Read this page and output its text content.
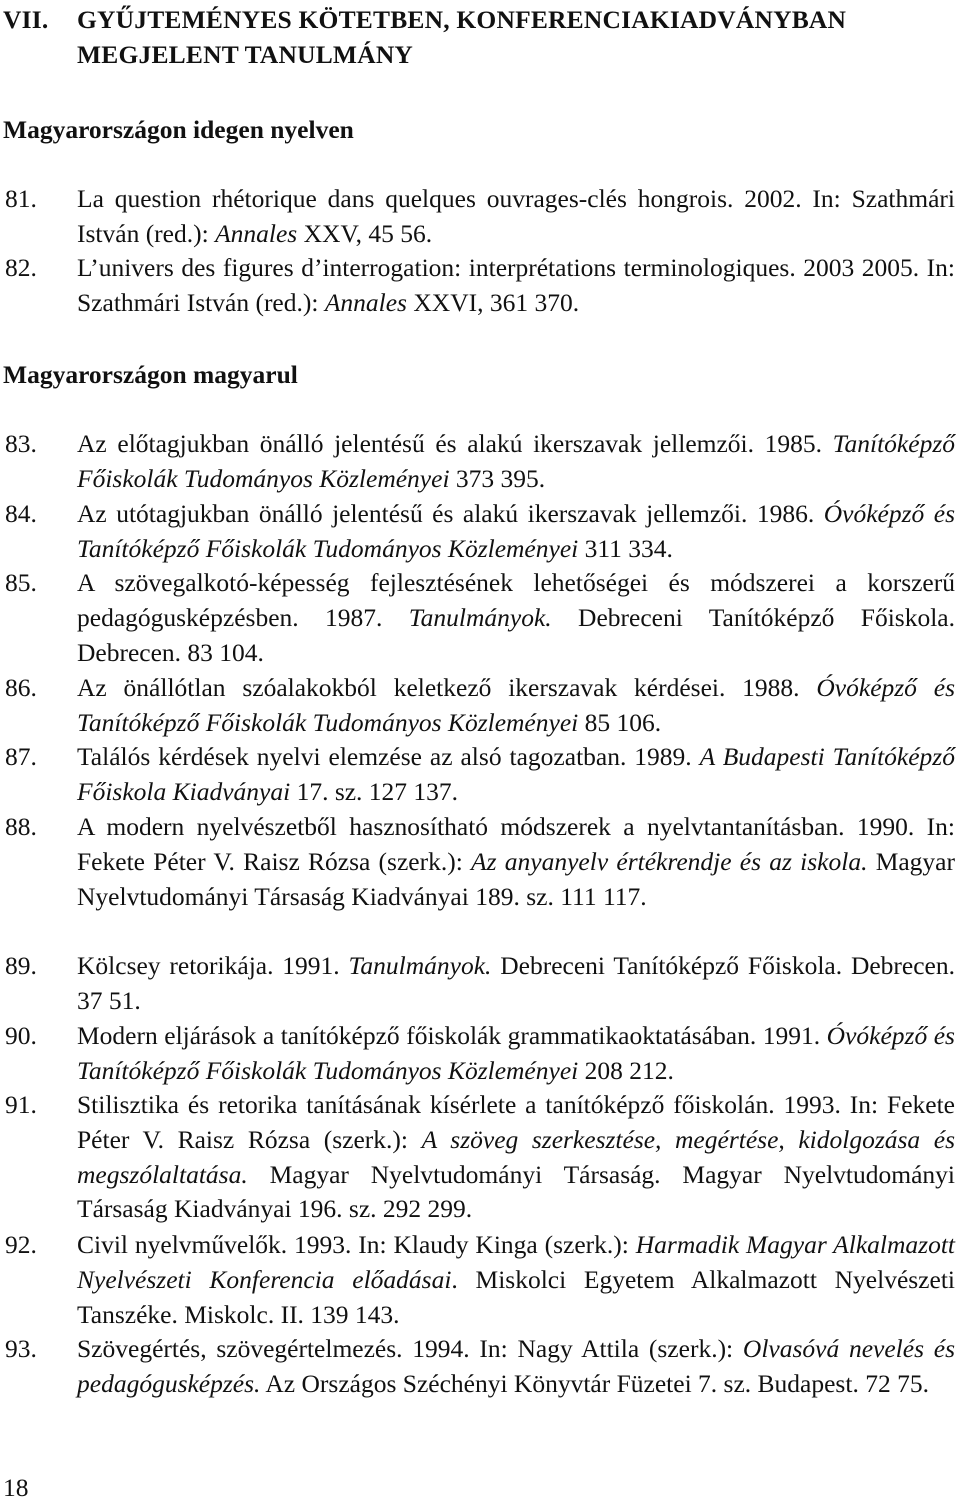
VII. GYŰJTEMÉNYES KÖTETBEN, KONFERENCIAKIADVÁNYBAN
MEGJELENT TANULMÁNY
Magyarországon idegen nyelven
81. La question rhétorique dans quelques ouvrages-clés hongrois. 2002. In: Szathmári István (red.): Annales XXV, 45 56.
82. L’univers des figures d’interrogation: interprétations terminologiques. 2003 2005. In: Szathmári István (red.): Annales XXVI, 361 370.
Magyarországon magyarul
83. Az előtagjukban önálló jelentésű és alakú ikerszavak jellemzői. 1985. Tanítóképző Főiskolák Tudományos Közleményei 373 395.
84. Az utótagjukban önálló jelentésű és alakú ikerszavak jellemzői. 1986. Óvóképző és Tanítóképző Főiskolák Tudományos Közleményei 311 334.
85. A szövegalkotó-képesség fejlesztésének lehetőségei és módszerei a korszerű pedagógusképzésben. 1987. Tanulmányok. Debreceni Tanítóképző Főiskola. Debrecen. 83 104.
86. Az önállótlan szóalakokból keletkező ikerszavak kérdései. 1988. Óvóképző és Tanítóképző Főiskolák Tudományos Közleményei 85 106.
87. Találós kérdések nyelvi elemzése az alsó tagozatban. 1989. A Budapesti Tanítóképző Főiskola Kiadványai 17. sz. 127 137.
88. A modern nyelvészetből hasznosítható módszerek a nyelvtantanításban. 1990. In: Fekete Péter V. Raisz Rózsa (szerk.): Az anyanyelv értékrendje és az iskola. Magyar Nyelvtudományi Társaság Kiadványai 189. sz. 111 117.
89. Kölcsey retorikája. 1991. Tanulmányok. Debreceni Tanítóképző Főiskola. Debrecen. 37 51.
90. Modern eljárások a tanítóképző főiskolák grammatikaoktatásában. 1991. Óvóképző és Tanítóképző Főiskolák Tudományos Közleményei 208 212.
91. Stilisztika és retorika tanításának kísérlete a tanítóképző főiskolán. 1993. In: Fekete Péter V. Raisz Rózsa (szerk.): A szöveg szerkesztése, megértése, kidolgozása és megszólaltatása. Magyar Nyelvtudományi Társaság. Magyar Nyelvtudományi Társaság Kiadványai 196. sz. 292 299.
92. Civil nyelvművelők. 1993. In: Klaudy Kinga (szerk.): Harmadik Magyar Alkalmazott Nyelvészeti Konferencia előadásai. Miskolci Egyetem Alkalmazott Nyelvészeti Tanszéke. Miskolc. II. 139 143.
93. Szövegértés, szövegértelmezés. 1994. In: Nagy Attila (szerk.): Olvasóvá nevelés és pedagógusképzés. Az Országos Széchényi Könyvtár Füzetei 7. sz. Budapest. 72 75.
18
